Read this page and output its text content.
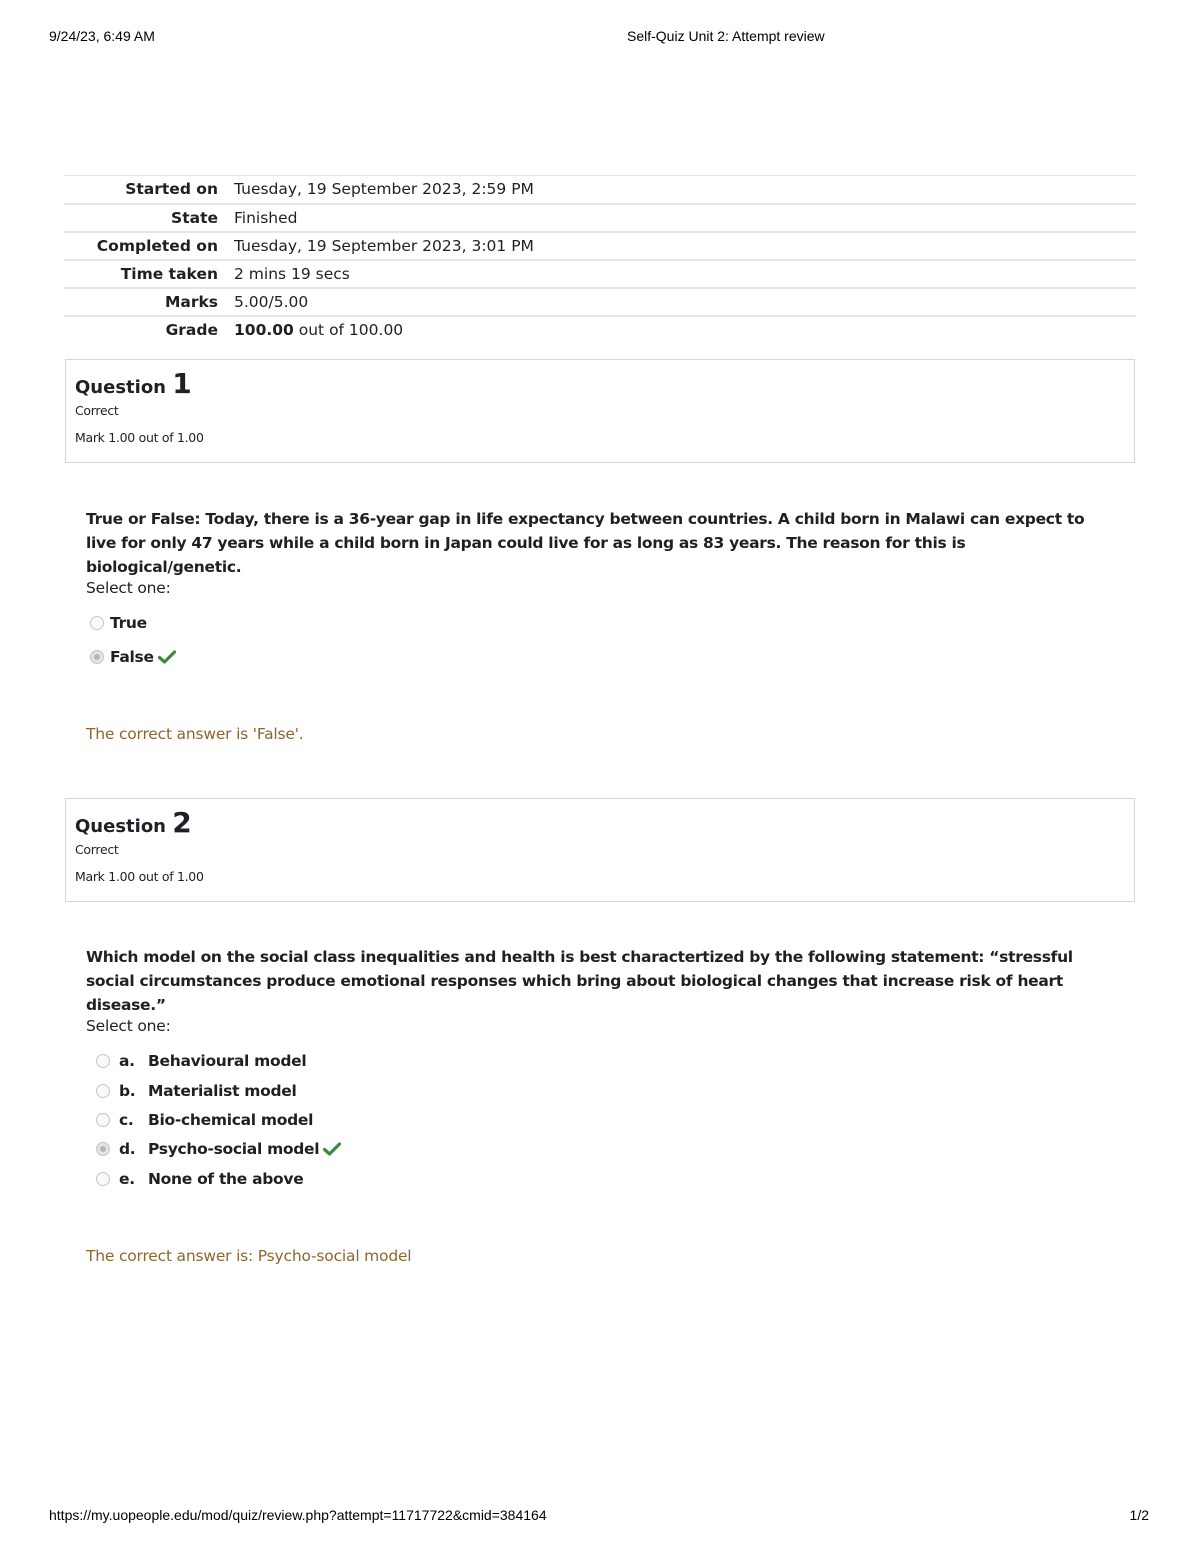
9/24/23, 6:49 AM	Self-Quiz Unit 2: Attempt review
Started on	Tuesday, 19 September 2023, 2:59 PM
State	Finished
Completed on	Tuesday, 19 September 2023, 3:01 PM
Time taken	2 mins 19 secs
Marks	5.00/5.00
Grade	100.00 out of 100.00
Question 1
Correct
Mark 1.00 out of 1.00
True or False: Today, there is a 36-year gap in life expectancy between countries. A child born in Malawi can expect to live for only 47 years while a child born in Japan could live for as long as 83 years. The reason for this is biological/genetic.
Select one:
True
False
The correct answer is 'False'.
Question 2
Correct
Mark 1.00 out of 1.00
Which model on the social class inequalities and health is best charactertized by the following statement: “stressful social circumstances produce emotional responses which bring about biological changes that increase risk of heart disease.”
Select one:
a. Behavioural model
b. Materialist model
c. Bio-chemical model
d. Psycho-social model
e. None of the above
The correct answer is: Psycho-social model
https://my.uopeople.edu/mod/quiz/review.php?attempt=11717722&cmid=384164	1/2
